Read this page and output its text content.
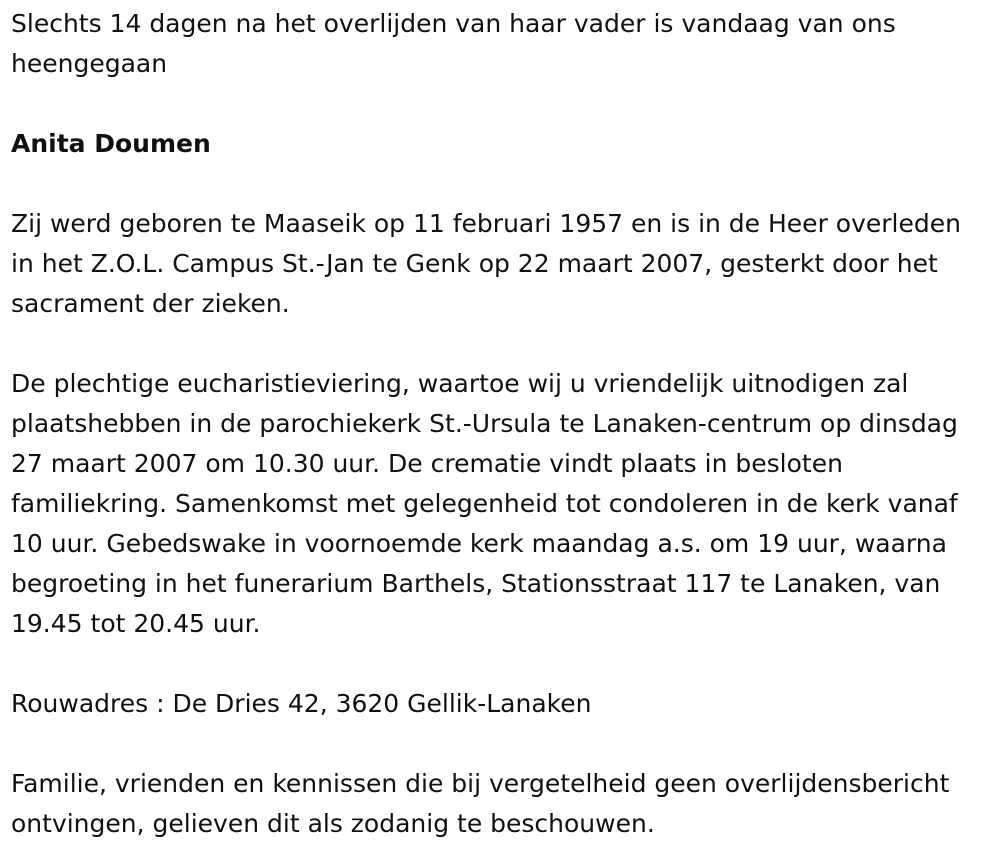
Slechts 14 dagen na het overlijden van haar vader is vandaag van ons heengegaan

Anita Doumen

Zij werd geboren te Maaseik op 11 februari 1957 en is in de Heer overleden in het Z.O.L. Campus St.-Jan te Genk op 22 maart 2007, gesterkt door het sacrament der zieken.

De plechtige eucharistieviering, waartoe wij u vriendelijk uitnodigen zal plaatshebben in de parochiekerk St.-Ursula te Lanaken-centrum op dinsdag 27 maart 2007 om 10.30 uur. De crematie vindt plaats in besloten familiekring. Samenkomst met gelegenheid tot condoleren in de kerk vanaf 10 uur. Gebedswake in voornoemde kerk maandag a.s. om 19 uur, waarna begroeting in het funerarium Barthels, Stationsstraat 117 te Lanaken, van 19.45 tot 20.45 uur.

Rouwadres : De Dries 42, 3620 Gellik-Lanaken

Familie, vrienden en kennissen die bij vergetelheid geen overlijdensbericht ontvingen, gelieven dit als zodanig te beschouwen.
